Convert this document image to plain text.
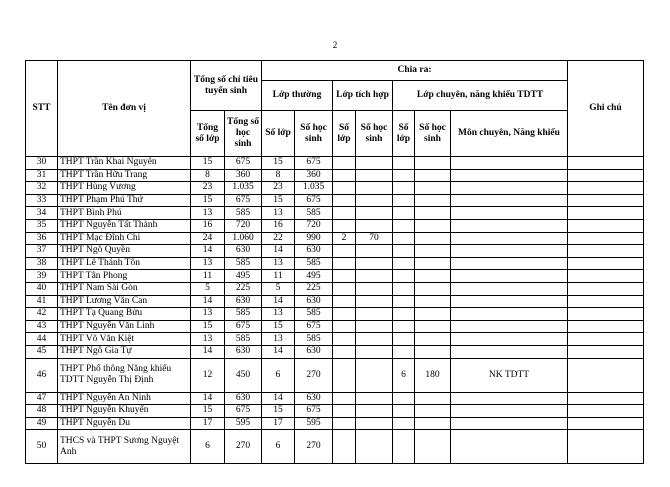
2
STT	Tên đơn vị	Tổng số chỉ tiêu tuyển sinh		Chia ra:							Ghi chú
				Lớp thường		Lớp tích hợp		Lớp chuyên, năng khiếu TDTT			
		Tổng số lớp	Tổng số học sinh	Số lớp	Số học sinh	Số lớp	Số học sinh	Số lớp	Số học sinh	Môn chuyên, Năng khiếu	
30	THPT Trần Khai Nguyên	15	675	15	675						
31	THPT Trần Hữu Trang	8	360	8	360						
32	THPT Hùng Vương	23	1.035	23	1.035						
33	THPT Phạm Phú Thứ	15	675	15	675						
34	THPT Bình Phú	13	585	13	585						
35	THPT Nguyễn Tất Thành	16	720	16	720						
36	THPT Mạc Đĩnh Chi	24	1.060	22	990	2	70				
37	THPT Ngô Quyền	14	630	14	630						
38	THPT Lê Thánh Tôn	13	585	13	585						
39	THPT Tân Phong	11	495	11	495						
40	THPT Nam Sài Gòn	5	225	5	225						
41	THPT Lương Văn Can	14	630	14	630						
42	THPT Tạ Quang Bửu	13	585	13	585						
43	THPT Nguyễn Văn Linh	15	675	15	675						
44	THPT Võ Văn Kiệt	13	585	13	585						
45	THPT Ngô Gia Tự	14	630	14	630						
46	THPT Phổ thông Năng khiếu TDTT Nguyễn Thị Định	12	450	6	270			6	180	NK TDTT	
47	THPT Nguyễn An Ninh	14	630	14	630						
48	THPT Nguyễn Khuyến	15	675	15	675						
49	THPT Nguyễn Du	17	595	17	595						
50	THCS và THPT Sương Nguyệt Anh	6	270	6	270						
